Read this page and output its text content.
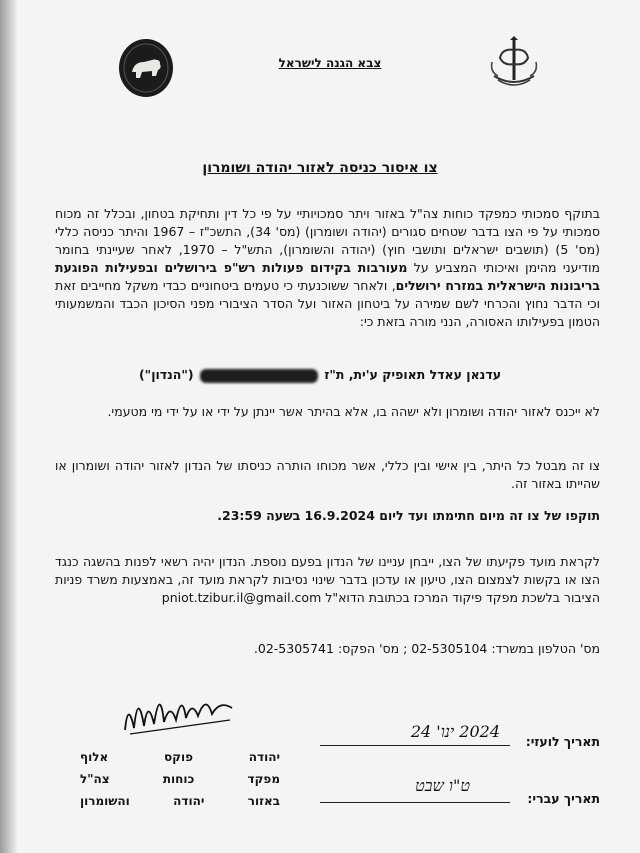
צבא הגנה לישראל
צו איסור כניסה לאזור יהודה ושומרון

בתוקף סמכותי כמפקד כוחות צה"ל באזור ויתר סמכויותיי על פי כל דין ותחיקת בטחון, ובכלל זה מכוח סמכותי על פי הצו בדבר שטחים סגורים (יהודה ושומרון) (מס' 34), התשכ"ז – 1967 והיתר כניסה כללי (מס' 5) (תושבים ישראלים ותושבי חוץ) (יהודה והשומרון), התש"ל – 1970, לאחר שעיינתי בחומר מודיעני מהימן ואיכותי המצביע על מעורבות בקידום פעולות רש"פ בירושלים ובפעילות הפוגעת בריבונות הישראלית במזרח ירושלים, ולאחר ששוכנעתי כי טעמים ביטחוניים כבדי משקל מחייבים זאת וכי הדבר נחוץ והכרחי לשם שמירה על ביטחון האזור ועל הסדר הציבורי מפני הסיכון הכבד והמשמעותי הטמון בפעילותו האסורה, הנני מורה בזאת כי:

עדנאן עאדל תאופיק ע'ית, ת"ז  ("הנדון")

לא ייכנס לאזור יהודה ושומרון ולא ישהה בו, אלא בהיתר אשר יינתן על ידי או על ידי מי מטעמי.

צו זה מבטל כל היתר, בין אישי ובין כללי, אשר מכוחו הותרה כניסתו של הנדון לאזור יהודה ושומרון או שהייתו באזור זה.

תוקפו של צו זה מיום חתימתו ועד ליום 16.9.2024 בשעה 23:59.

לקראת מועד פקיעתו של הצו, ייבחן עניינו של הנדון בפעם נוספת. הנדון יהיה רשאי לפנות בהשגה כנגד הצו או בקשות לצמצום הצו, טיעון או עדכון בדבר שינוי נסיבות לקראת מועד זה, באמצעות משרד פניות הציבור בלשכת מפקד פיקוד המרכז בכתובת הדוא"ל pniot.tzibur.il@gmail.com

מס' הטלפון במשרד: 02-5305104 ; מס' הפקס: 02-5305741.

יהודה
פוקס
אלוף
מפקד
כוחות
צה"ל
באזור
יהודה
והשומרון
תאריך לועזי:
2024 ינו' 24
תאריך עברי:
ט"ו שבט
